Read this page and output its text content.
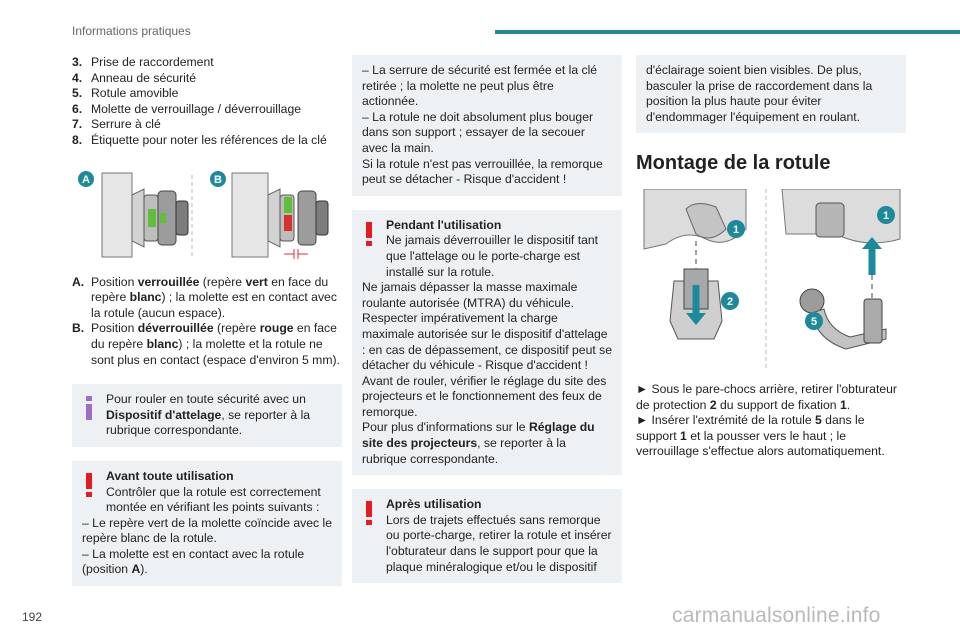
Informations pratiques
3. Prise de raccordement
4. Anneau de sécurité
5. Rotule amovible
6. Molette de verrouillage / déverrouillage
7. Serrure à clé
8. Étiquette pour noter les références de la clé
A	B
A. Position verrouillée (repère vert en face du repère blanc) ; la molette est en contact avec la rotule (aucun espace).
B. Position déverrouillée (repère rouge en face du repère blanc) ; la molette et la rotule ne sont plus en contact (espace d'environ 5 mm).
Pour rouler en toute sécurité avec un Dispositif d'attelage, se reporter à la rubrique correspondante.
Avant toute utilisation
Contrôler que la rotule est correctement montée en vérifiant les points suivants :
– Le repère vert de la molette coïncide avec le repère blanc de la rotule.
– La molette est en contact avec la rotule (position A).
– La serrure de sécurité est fermée et la clé retirée ; la molette ne peut plus être actionnée.
– La rotule ne doit absolument plus bouger dans son support ; essayer de la secouer avec la main.
Si la rotule n'est pas verrouillée, la remorque peut se détacher - Risque d'accident !
Pendant l'utilisation
Ne jamais déverrouiller le dispositif tant que l'attelage ou le porte-charge est installé sur la rotule.
Ne jamais dépasser la masse maximale roulante autorisée (MTRA) du véhicule.
Respecter impérativement la charge maximale autorisée sur le dispositif d'attelage : en cas de dépassement, ce dispositif peut se détacher du véhicule - Risque d'accident !
Avant de rouler, vérifier le réglage du site des projecteurs et le fonctionnement des feux de remorque.
Pour plus d'informations sur le Réglage du site des projecteurs, se reporter à la rubrique correspondante.
Après utilisation
Lors de trajets effectués sans remorque ou porte-charge, retirer la rotule et insérer l'obturateur dans le support pour que la plaque minéralogique et/ou le dispositif
d'éclairage soient bien visibles. De plus, basculer la prise de raccordement dans la position la plus haute pour éviter d'endommager l'équipement en roulant.
Montage de la rotule
1
2
1
5

► Sous le pare-chocs arrière, retirer l'obturateur de protection 2 du support de fixation 1.

► Insérer l'extrémité de la rotule 5 dans le support 1 et la pousser vers le haut ; le verrouillage s'effectue alors automatiquement.

192	carmanualsonline.info
